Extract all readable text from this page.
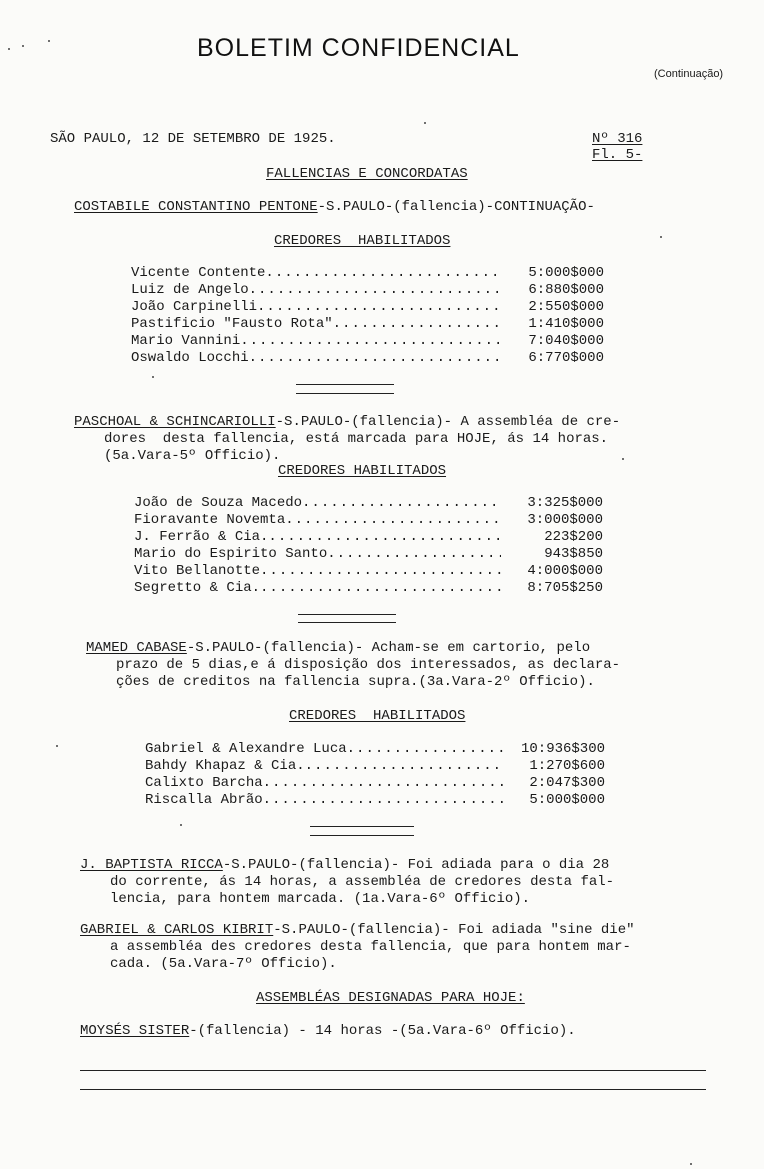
BOLETIM CONFIDENCIAL
(Continuação)
SÃO PAULO, 12 DE SETEMBRO DE 1925.	Nº 316
Fl. 5-
FALLENCIAS E CONCORDATAS
COSTABILE CONSTANTINO PENTONE-S.PAULO-(fallencia)-CONTINUAÇÃO-
CREDORES  HABILITADOS
Vicente Contente .....	5:000$000
Luiz de Angelo .....	6:880$000
João Carpinelli .....	2:550$000
Pastificio "Fausto Rota" .....	1:410$000
Mario Vannini .....	7:040$000
Oswaldo Locchi .....	6:770$000
PASCHOAL & SCHINCARIOLLI-S.PAULO-(fallencia)- A assembléa de cre-
dores  desta fallencia, está marcada para HOJE, ás 14 horas.
(5a.Vara-5º Officio).
CREDORES HABILITADOS
João de Souza Macedo .....	3:325$000
Fioravante Novemta .....	3:000$000
J. Ferrão & Cia. .....	223$200
Mario do Espirito Santo .....	943$850
Vito Bellanotte .....	4:000$000
Segretto & Cia. .....	8:705$250
MAMED CABASE-S.PAULO-(fallencia)- Acham-se em cartorio, pelo
prazo de 5 dias,e á disposição dos interessados, as declara-
ções de creditos na fallencia supra.(3a.Vara-2º Officio).
CREDORES  HABILITADOS
Gabriel & Alexandre Luca .....	10:936$300
Bahdy Khapaz & Cia. .....	1:270$600
Calixto Barcha .....	2:047$300
Riscalla Abrão .....	5:000$000
J. BAPTISTA RICCA-S.PAULO-(fallencia)- Foi adiada para o dia 28
do corrente, ás 14 horas, a assembléa de credores desta fal-
lencia, para hontem marcada. (1a.Vara-6º Officio).
GABRIEL & CARLOS KIBRIT-S.PAULO-(fallencia)- Foi adiada "sine die"
a assembléa des credores desta fallencia, que para hontem mar-
cada. (5a.Vara-7º Officio).
ASSEMBLÉAS DESIGNADAS PARA HOJE:
MOYSÉS SISTER-(fallencia) - 14 horas -(5a.Vara-6º Officio).
